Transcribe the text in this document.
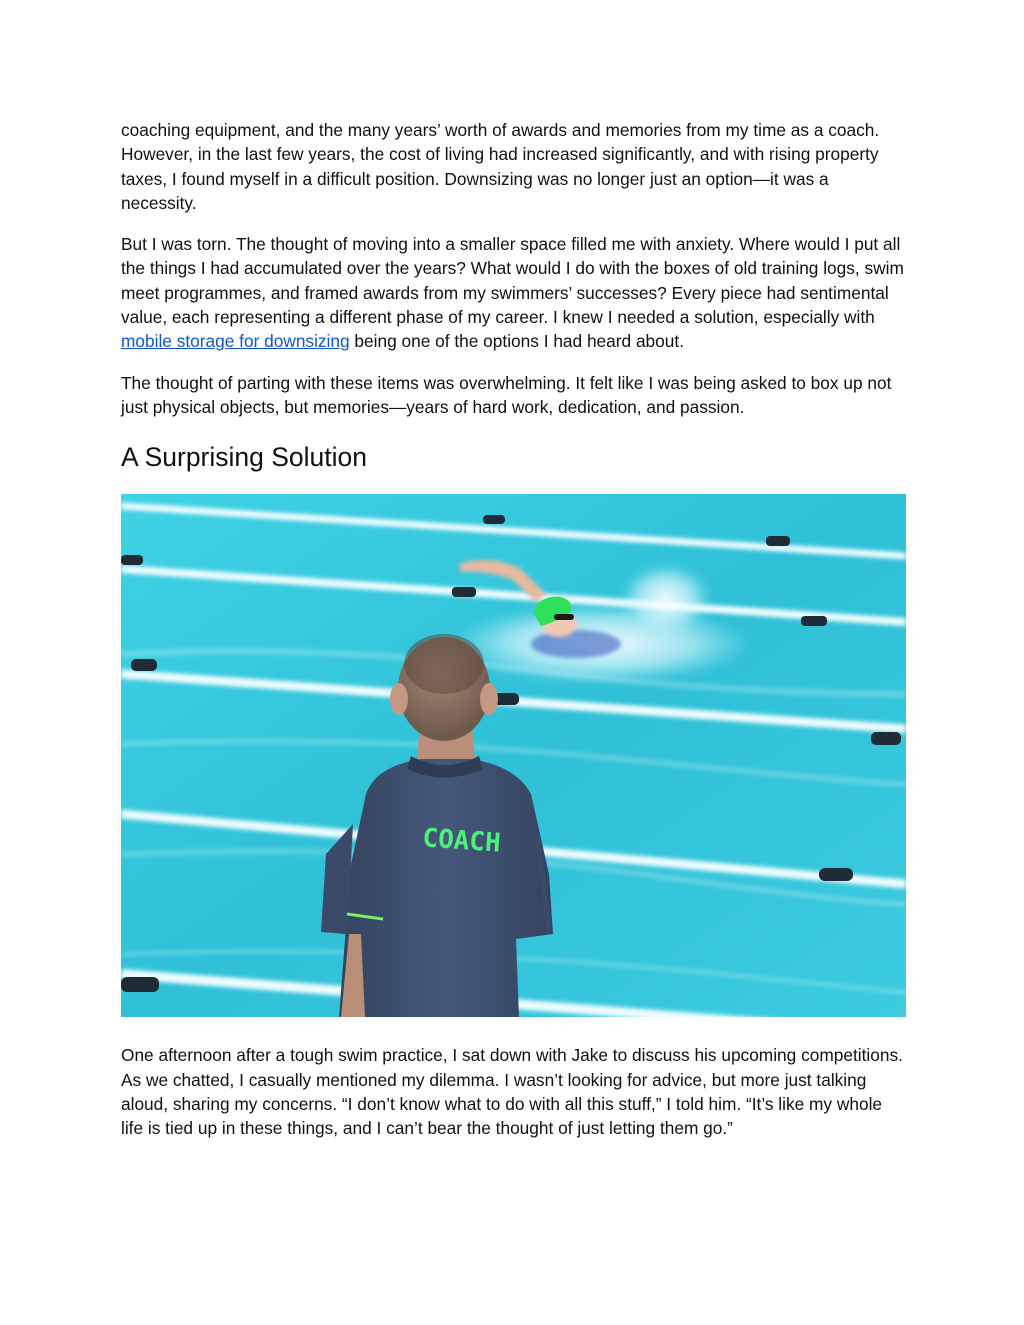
coaching equipment, and the many years’ worth of awards and memories from my time as a coach. However, in the last few years, the cost of living had increased significantly, and with rising property taxes, I found myself in a difficult position. Downsizing was no longer just an option—it was a necessity.

But I was torn. The thought of moving into a smaller space filled me with anxiety. Where would I put all the things I had accumulated over the years? What would I do with the boxes of old training logs, swim meet programmes, and framed awards from my swimmers’ successes? Every piece had sentimental value, each representing a different phase of my career. I knew I needed a solution, especially with mobile storage for downsizing being one of the options I had heard about.

The thought of parting with these items was overwhelming. It felt like I was being asked to box up not just physical objects, but memories—years of hard work, dedication, and passion.

A Surprising Solution
COACH

One afternoon after a tough swim practice, I sat down with Jake to discuss his upcoming competitions. As we chatted, I casually mentioned my dilemma. I wasn’t looking for advice, but more just talking aloud, sharing my concerns. “I don’t know what to do with all this stuff,” I told him. “It’s like my whole life is tied up in these things, and I can’t bear the thought of just letting them go.”
